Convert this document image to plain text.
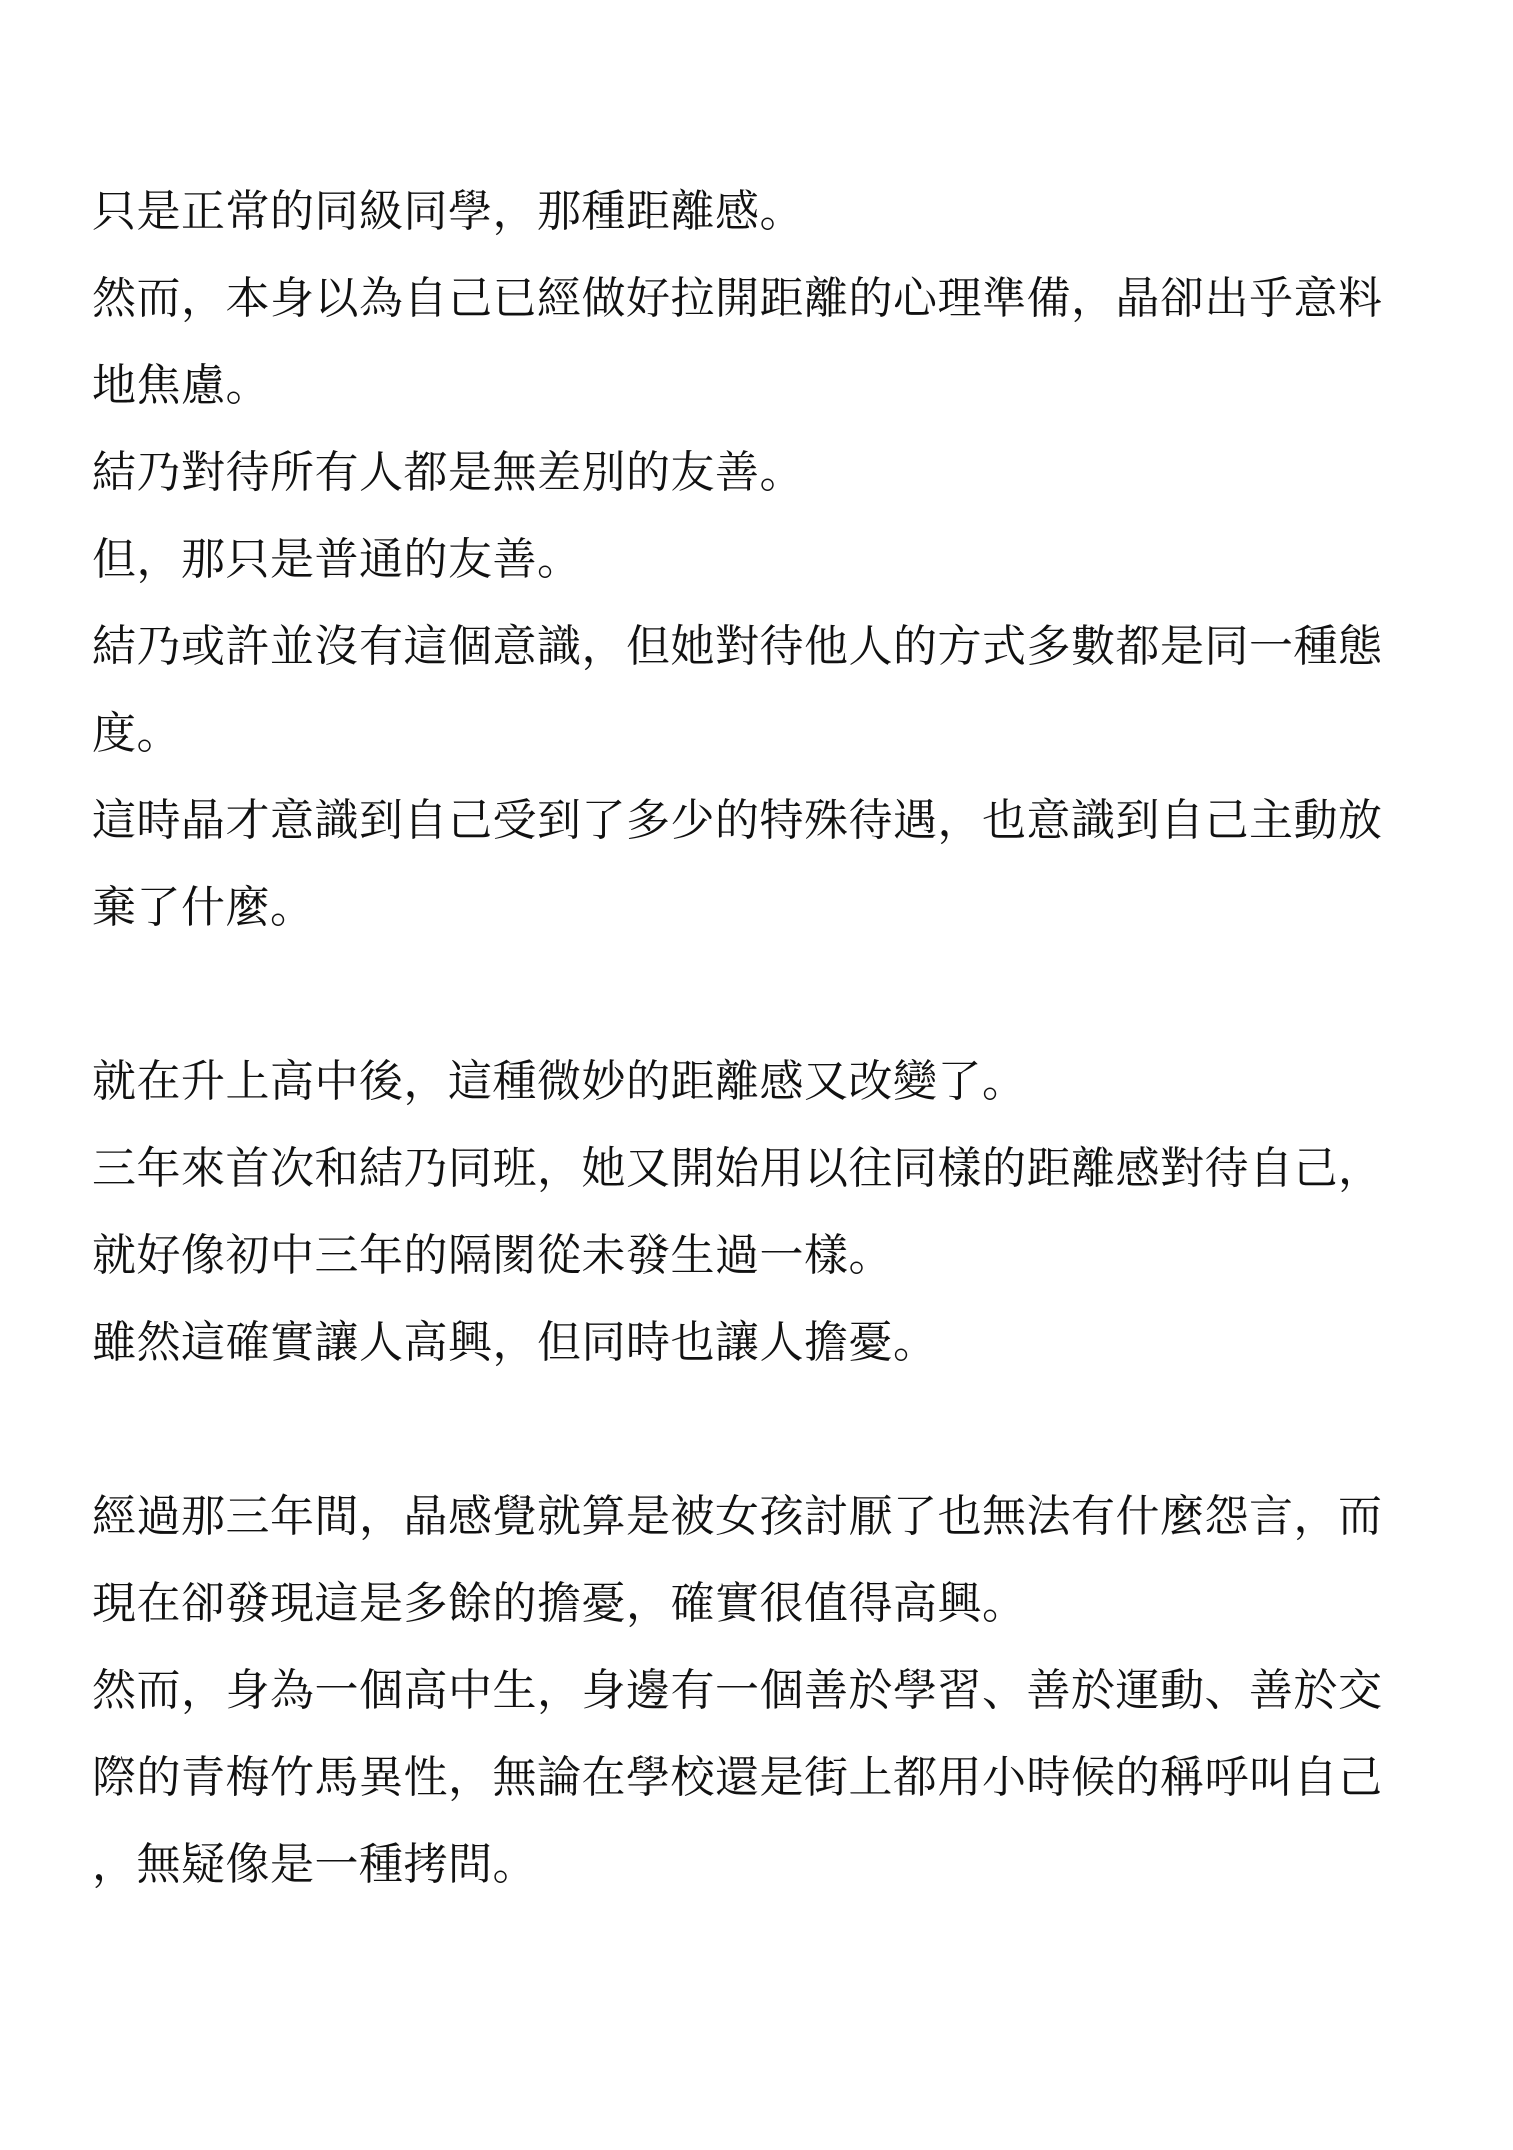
只是正常的同級同學，那種距離感。
然而，本身以為自己已經做好拉開距離的心理準備，晶卻出乎意料
地焦慮。
結乃對待所有人都是無差別的友善。
但，那只是普通的友善。
結乃或許並沒有這個意識，但她對待他人的方式多數都是同一種態
度。
這時晶才意識到自己受到了多少的特殊待遇，也意識到自己主動放
棄了什麼。
就在升上高中後，這種微妙的距離感又改變了。
三年來首次和結乃同班，她又開始用以往同樣的距離感對待自己，
就好像初中三年的隔閡從未發生過一樣。
雖然這確實讓人高興，但同時也讓人擔憂。
經過那三年間，晶感覺就算是被女孩討厭了也無法有什麼怨言，而
現在卻發現這是多餘的擔憂，確實很值得高興。
然而，身為一個高中生，身邊有一個善於學習、善於運動、善於交
際的青梅竹馬異性，無論在學校還是街上都用小時候的稱呼叫自己
，無疑像是一種拷問。
